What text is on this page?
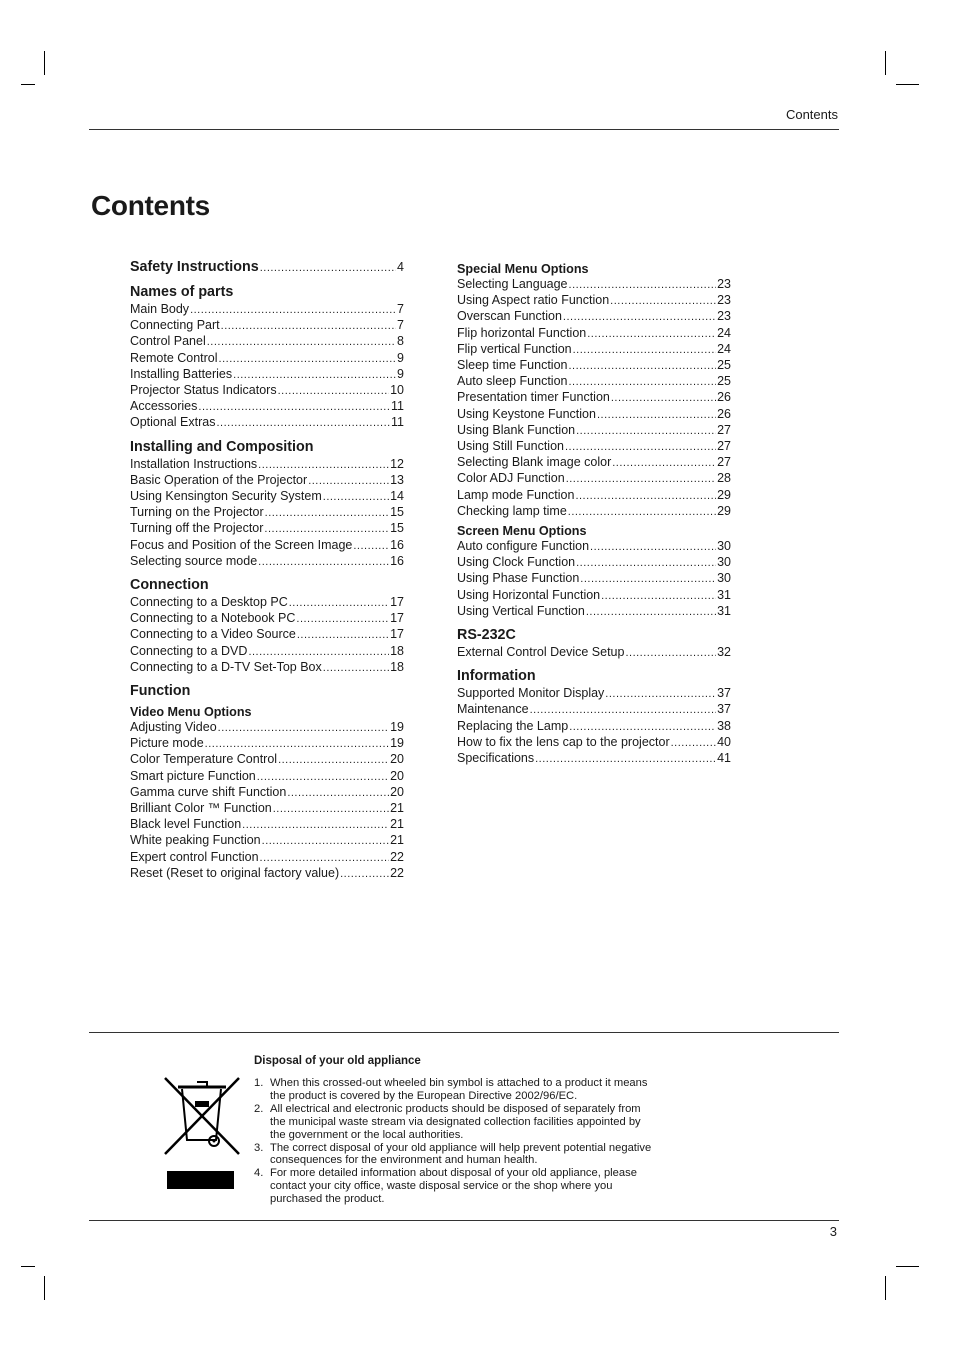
Contents
Contents
Safety Instructions .....	4
Names of parts
Main Body .....	7
Connecting Part .....	7
Control Panel .....	8
Remote Control .....	9
Installing Batteries .....	9
Projector Status Indicators .....	10
Accessories .....	11
Optional Extras .....	11
Installing and Composition
Installation Instructions .....	12
Basic Operation of the Projector .....	13
Using Kensington Security System .....	14
Turning on the Projector .....	15
Turning off the Projector .....	15
Focus and Position of the Screen Image .....	16
Selecting source mode .....	16
Connection
Connecting to a Desktop PC .....	17
Connecting to a Notebook PC .....	17
Connecting to a Video Source .....	17
Connecting to a DVD .....	18
Connecting to a D-TV Set-Top Box .....	18
Function
Video Menu Options
Adjusting Video .....	19
Picture mode .....	19
Color Temperature Control .....	20
Smart picture Function .....	20
Gamma curve shift Function .....	20
Brilliant Color ™ Function .....	21
Black level Function .....	21
White peaking Function .....	21
Expert control Function .....	22
Reset (Reset to original factory value) .....	22
Special Menu Options
Selecting Language .....	23
Using Aspect ratio Function .....	23
Overscan Function .....	23
Flip horizontal Function .....	24
Flip vertical Function .....	24
Sleep time Function .....	25
Auto sleep Function .....	25
Presentation timer Function .....	26
Using Keystone Function .....	26
Using Blank Function .....	27
Using Still Function .....	27
Selecting Blank image color .....	27
Color ADJ Function .....	28
Lamp mode Function .....	29
Checking lamp time .....	29
Screen Menu Options
Auto configure Function .....	30
Using Clock Function .....	30
Using Phase Function .....	30
Using Horizontal Function .....	31
Using Vertical Function .....	31
RS-232C
External Control Device Setup .....	32
Information
Supported Monitor Display .....	37
Maintenance .....	37
Replacing the Lamp .....	38
How to fix the lens cap to the projector .....	40
Specifications .....	41
Disposal of your old appliance
1. When this crossed-out wheeled bin symbol is attached to a product it means the product is covered by the European Directive 2002/96/EC.
2. All electrical and electronic products should be disposed of separately from the municipal waste stream via designated collection facilities appointed by the government or the local authorities.
3. The correct disposal of your old appliance will help prevent potential negative consequences for the environment and human health.
4. For more detailed information about disposal of your old appliance, please contact your city office, waste disposal service or the shop where you purchased the product.
3
